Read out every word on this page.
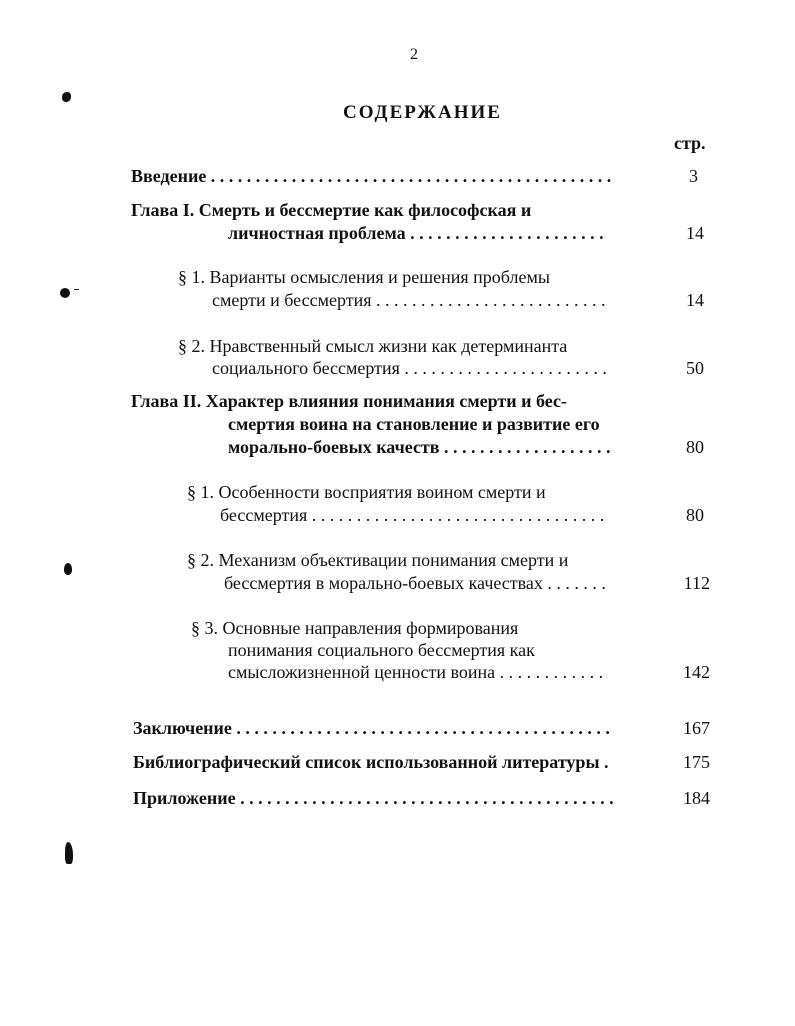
2
СОДЕРЖАНИЕ
стр.
Введение . . . . . . . . . . . . . . . . . . . . . . . . . . . . . . . . . . . . . . . . . . . . .	3
Глава I. Смерть и бессмертие как философская и
личностная проблема . . . . . . . . . . . . . . . . . . . . . .	14
§ 1. Варианты осмысления и решения проблемы
смерти и бессмертия . . . . . . . . . . . . . . . . . . . . . . . . . .	14
§ 2. Нравственный смысл жизни как детерминанта
социального бессмертия . . . . . . . . . . . . . . . . . . . . . . .	50
Глава II. Характер влияния понимания смерти и бес-
смертия воина на становление и развитие его
морально-боевых качеств . . . . . . . . . . . . . . . . . . .	80
§ 1. Особенности восприятия воином смерти и
бессмертия . . . . . . . . . . . . . . . . . . . . . . . . . . . . . . . . .	80
§ 2. Механизм объективации понимания смерти и
бессмертия в морально-боевых качествах . . . . . . .	112
§ 3. Основные направления формирования
понимания социального бессмертия как
смысложизненной ценности воина . . . . . . . . . . . .	142
Заключение . . . . . . . . . . . . . . . . . . . . . . . . . . . . . . . . . . . . . . . . . .	167
Библиографический список использованной литературы .	175
Приложение . . . . . . . . . . . . . . . . . . . . . . . . . . . . . . . . . . . . . . . . . .	184
